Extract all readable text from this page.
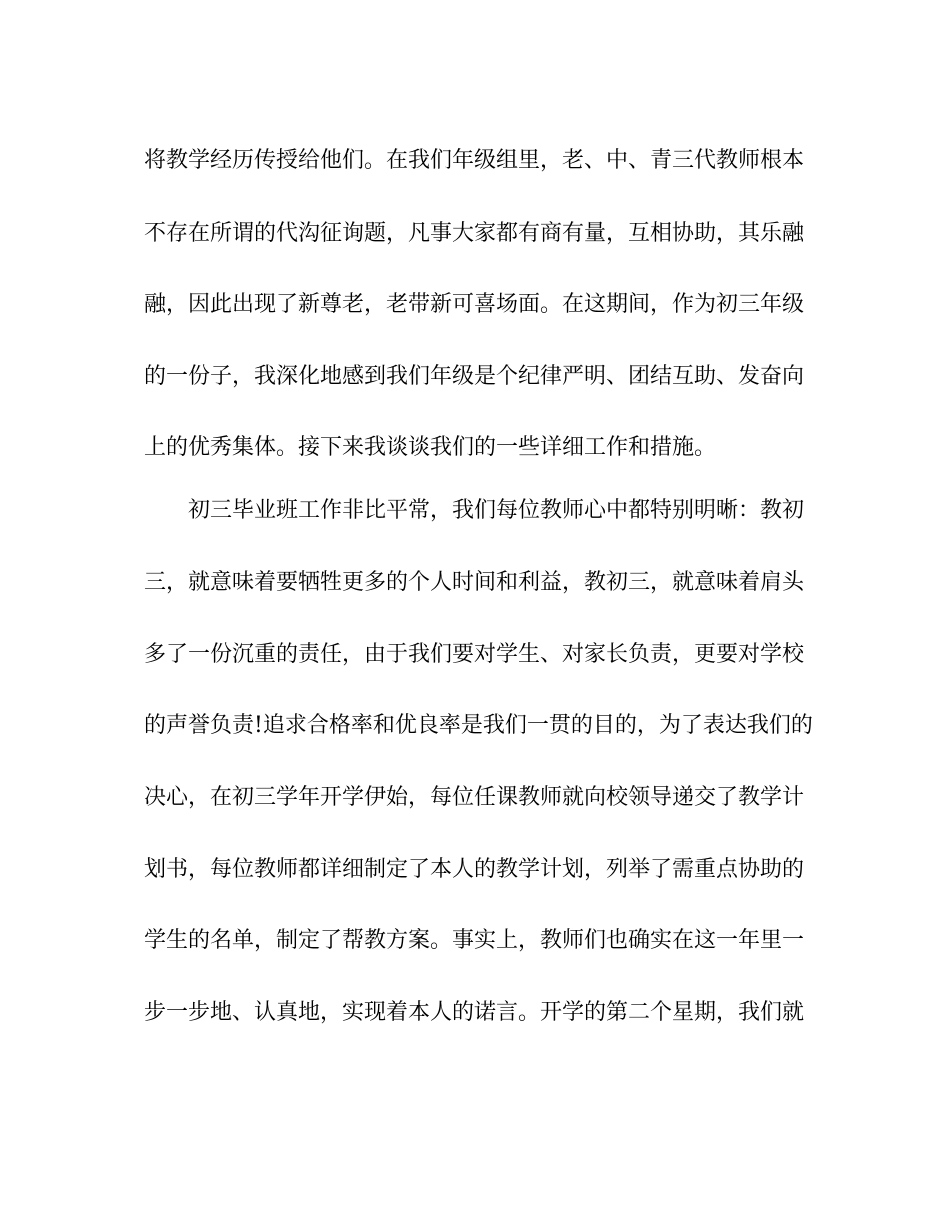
将教学经历传授给他们。在我们年级组里，老、中、青三代教师根本
不存在所谓的代沟征询题，凡事大家都有商有量，互相协助，其乐融
融，因此出现了新尊老，老带新可喜场面。在这期间，作为初三年级
的一份子，我深化地感到我们年级是个纪律严明、团结互助、发奋向
上的优秀集体。接下来我谈谈我们的一些详细工作和措施。
初三毕业班工作非比平常，我们每位教师心中都特别明晰：教初
三，就意味着要牺牲更多的个人时间和利益，教初三，就意味着肩头
多了一份沉重的责任，由于我们要对学生、对家长负责，更要对学校
的声誉负责!追求合格率和优良率是我们一贯的目的，为了表达我们的
决心，在初三学年开学伊始，每位任课教师就向校领导递交了教学计
划书，每位教师都详细制定了本人的教学计划，列举了需重点协助的
学生的名单，制定了帮教方案。事实上，教师们也确实在这一年里一
步一步地、认真地，实现着本人的诺言。开学的第二个星期，我们就
